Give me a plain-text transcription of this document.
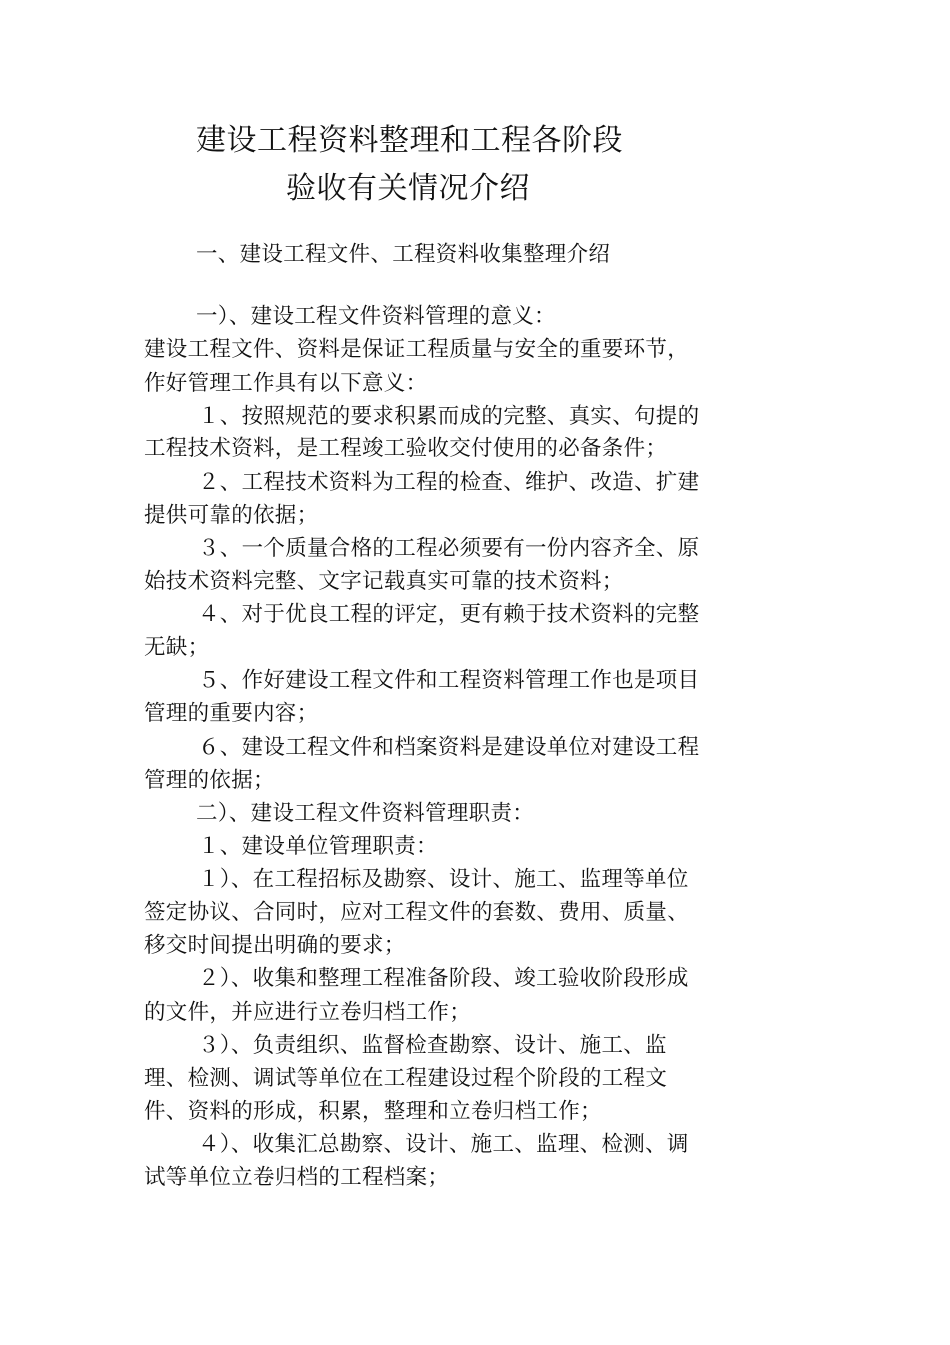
建设工程资料整理和工程各阶段
验收有关情况介绍
一、建设工程文件、工程资料收集整理介绍
一）、建设工程文件资料管理的意义：
建设工程文件、资料是保证工程质量与安全的重要环节，
作好管理工作具有以下意义：
１、按照规范的要求积累而成的完整、真实、句提的
工程技术资料，是工程竣工验收交付使用的必备条件；
２、工程技术资料为工程的检查、维护、改造、扩建
提供可靠的依据；
３、一个质量合格的工程必须要有一份内容齐全、原
始技术资料完整、文字记载真实可靠的技术资料；
４、对于优良工程的评定，更有赖于技术资料的完整
无缺；
５、作好建设工程文件和工程资料管理工作也是项目
管理的重要内容；
６、建设工程文件和档案资料是建设单位对建设工程
管理的依据；
二）、建设工程文件资料管理职责：
１、建设单位管理职责：
１）、在工程招标及勘察、设计、施工、监理等单位
签定协议、合同时，应对工程文件的套数、费用、质量、
移交时间提出明确的要求；
２）、收集和整理工程准备阶段、竣工验收阶段形成
的文件，并应进行立卷归档工作；
３）、负责组织、监督检查勘察、设计、施工、监
理、检测、调试等单位在工程建设过程个阶段的工程文
件、资料的形成，积累，整理和立卷归档工作；
４）、收集汇总勘察、设计、施工、监理、检测、调
试等单位立卷归档的工程档案；
